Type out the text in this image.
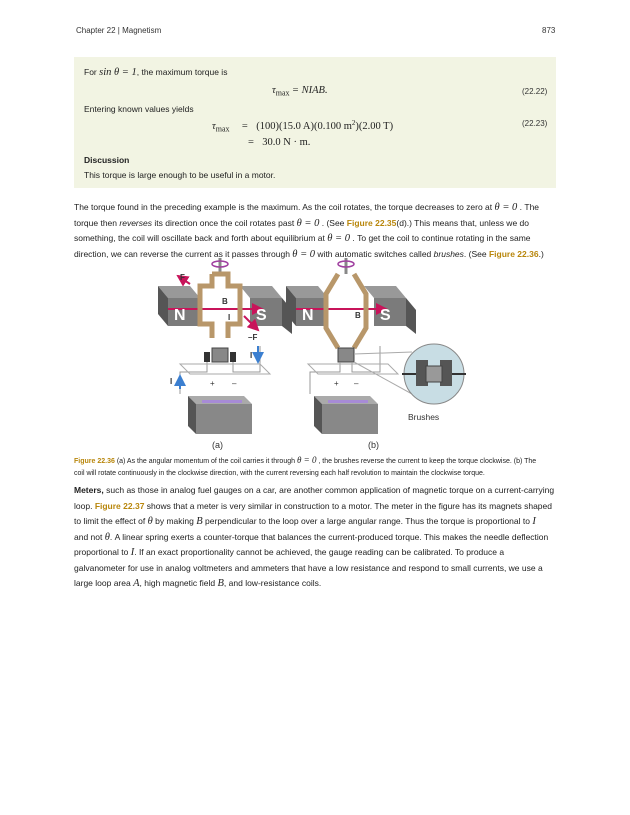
Chapter 22 | Magnetism	873
For sin θ = 1, the maximum torque is
$\tau_{max}$ = NIAB.	(22.22)
Entering known values yields
$\tau_{max} = (100)(15.0$ A)(0.100 $m^2)(2.00$ T)	(22.23)
= 30.0 N · m.
Discussion
This torque is large enough to be useful in a motor.

The torque found in the preceding example is the maximum. As the coil rotates, the torque decreases to zero at θ = 0 . The

torque then reverses its direction once the coil rotates past θ = 0 . (See Figure 22.35(d).) This means that, unless we do

something, the coil will oscillate back and forth about equilibrium at θ = 0 . To get the coil to continue rotating in the same

direction, we can reverse the current as it passes through θ = 0 with automatic switches called brushes. (See Figure 22.36.)

F
I B
I
–F
I
I	+ –
N	S N	S
B
+ –
Brushes
(a)	(b)
Figure 22.36 (a) As the angular momentum of the coil carries it through θ = 0 , the brushes reverse the current to keep the torque clockwise. (b) The
coil will rotate continuously in the clockwise direction, with the current reversing each half revolution to maintain the clockwise torque.

Meters, such as those in analog fuel gauges on a car, are another common application of magnetic torque on a current-carrying

loop. Figure 22.37 shows that a meter is very similar in construction to a motor. The meter in the figure has its magnets shaped

to limit the effect of θ by making B perpendicular to the loop over a large angular range. Thus the torque is proportional to I

and not θ. A linear spring exerts a counter-torque that balances the current-produced torque. This makes the needle deflection

proportional to I. If an exact proportionality cannot be achieved, the gauge reading can be calibrated. To produce a

galvanometer for use in analog voltmeters and ammeters that have a low resistance and respond to small currents, we use a

large loop area A, high magnetic field B, and low-resistance coils.
